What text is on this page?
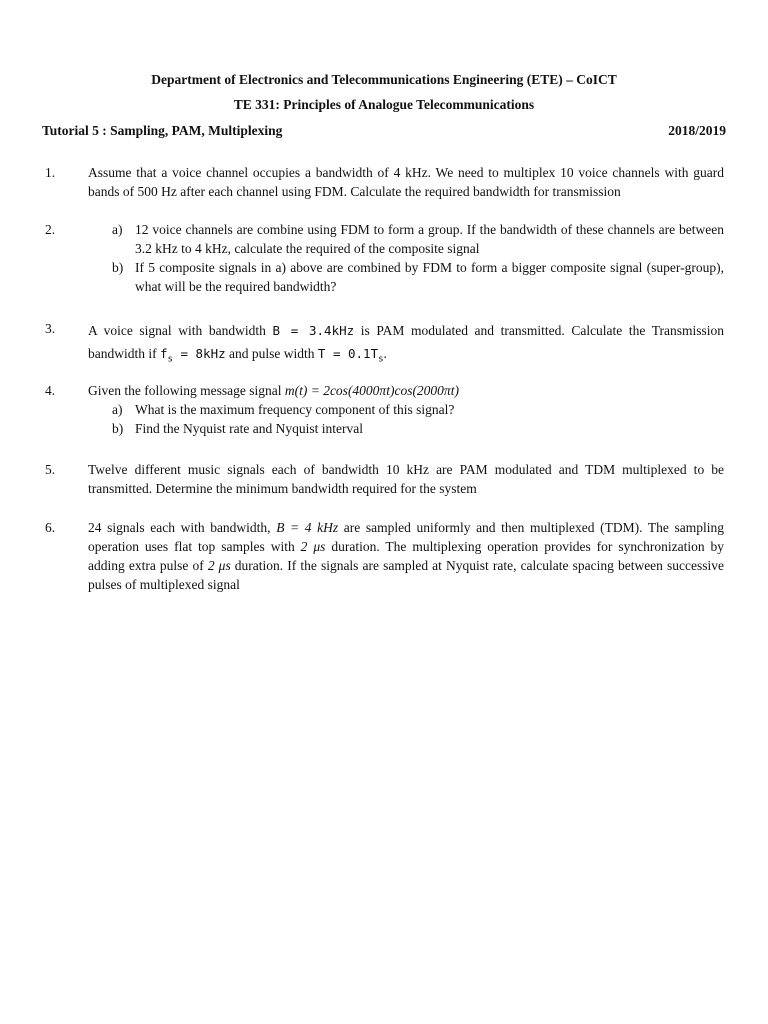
Department of Electronics and Telecommunications Engineering (ETE) – CoICT
TE 331: Principles of Analogue Telecommunications
Tutorial 5 : Sampling, PAM, Multiplexing	2018/2019
1. Assume that a voice channel occupies a bandwidth of 4 kHz. We need to multiplex 10 voice channels with guard bands of 500 Hz after each channel using FDM. Calculate the required bandwidth for transmission
2.	a) 12 voice channels are combine using FDM to form a group. If the bandwidth of these channels are between 3.2 kHz to 4 kHz, calculate the required of the composite signal
b) If 5 composite signals in a) above are combined by FDM to form a bigger composite signal (super-group), what will be the required bandwidth?
3. A voice signal with bandwidth B = 3.4kHz is PAM modulated and transmitted. Calculate the Transmission bandwidth if $f_s = 8kHz$ and pulse width $T = 0.1T_s$.
4. Given the following message signal m(t) = 2cos(4000πt)cos(2000πt)
a) What is the maximum frequency component of this signal?
b) Find the Nyquist rate and Nyquist interval
5. Twelve different music signals each of bandwidth 10 kHz are PAM modulated and TDM multiplexed to be transmitted. Determine the minimum bandwidth required for the system
6. 24 signals each with bandwidth, B = 4 kHz are sampled uniformly and then multiplexed (TDM). The sampling operation uses flat top samples with 2 μs duration. The multiplexing operation provides for synchronization by adding extra pulse of 2 μs duration. If the signals are sampled at Nyquist rate, calculate spacing between successive pulses of multiplexed signal
